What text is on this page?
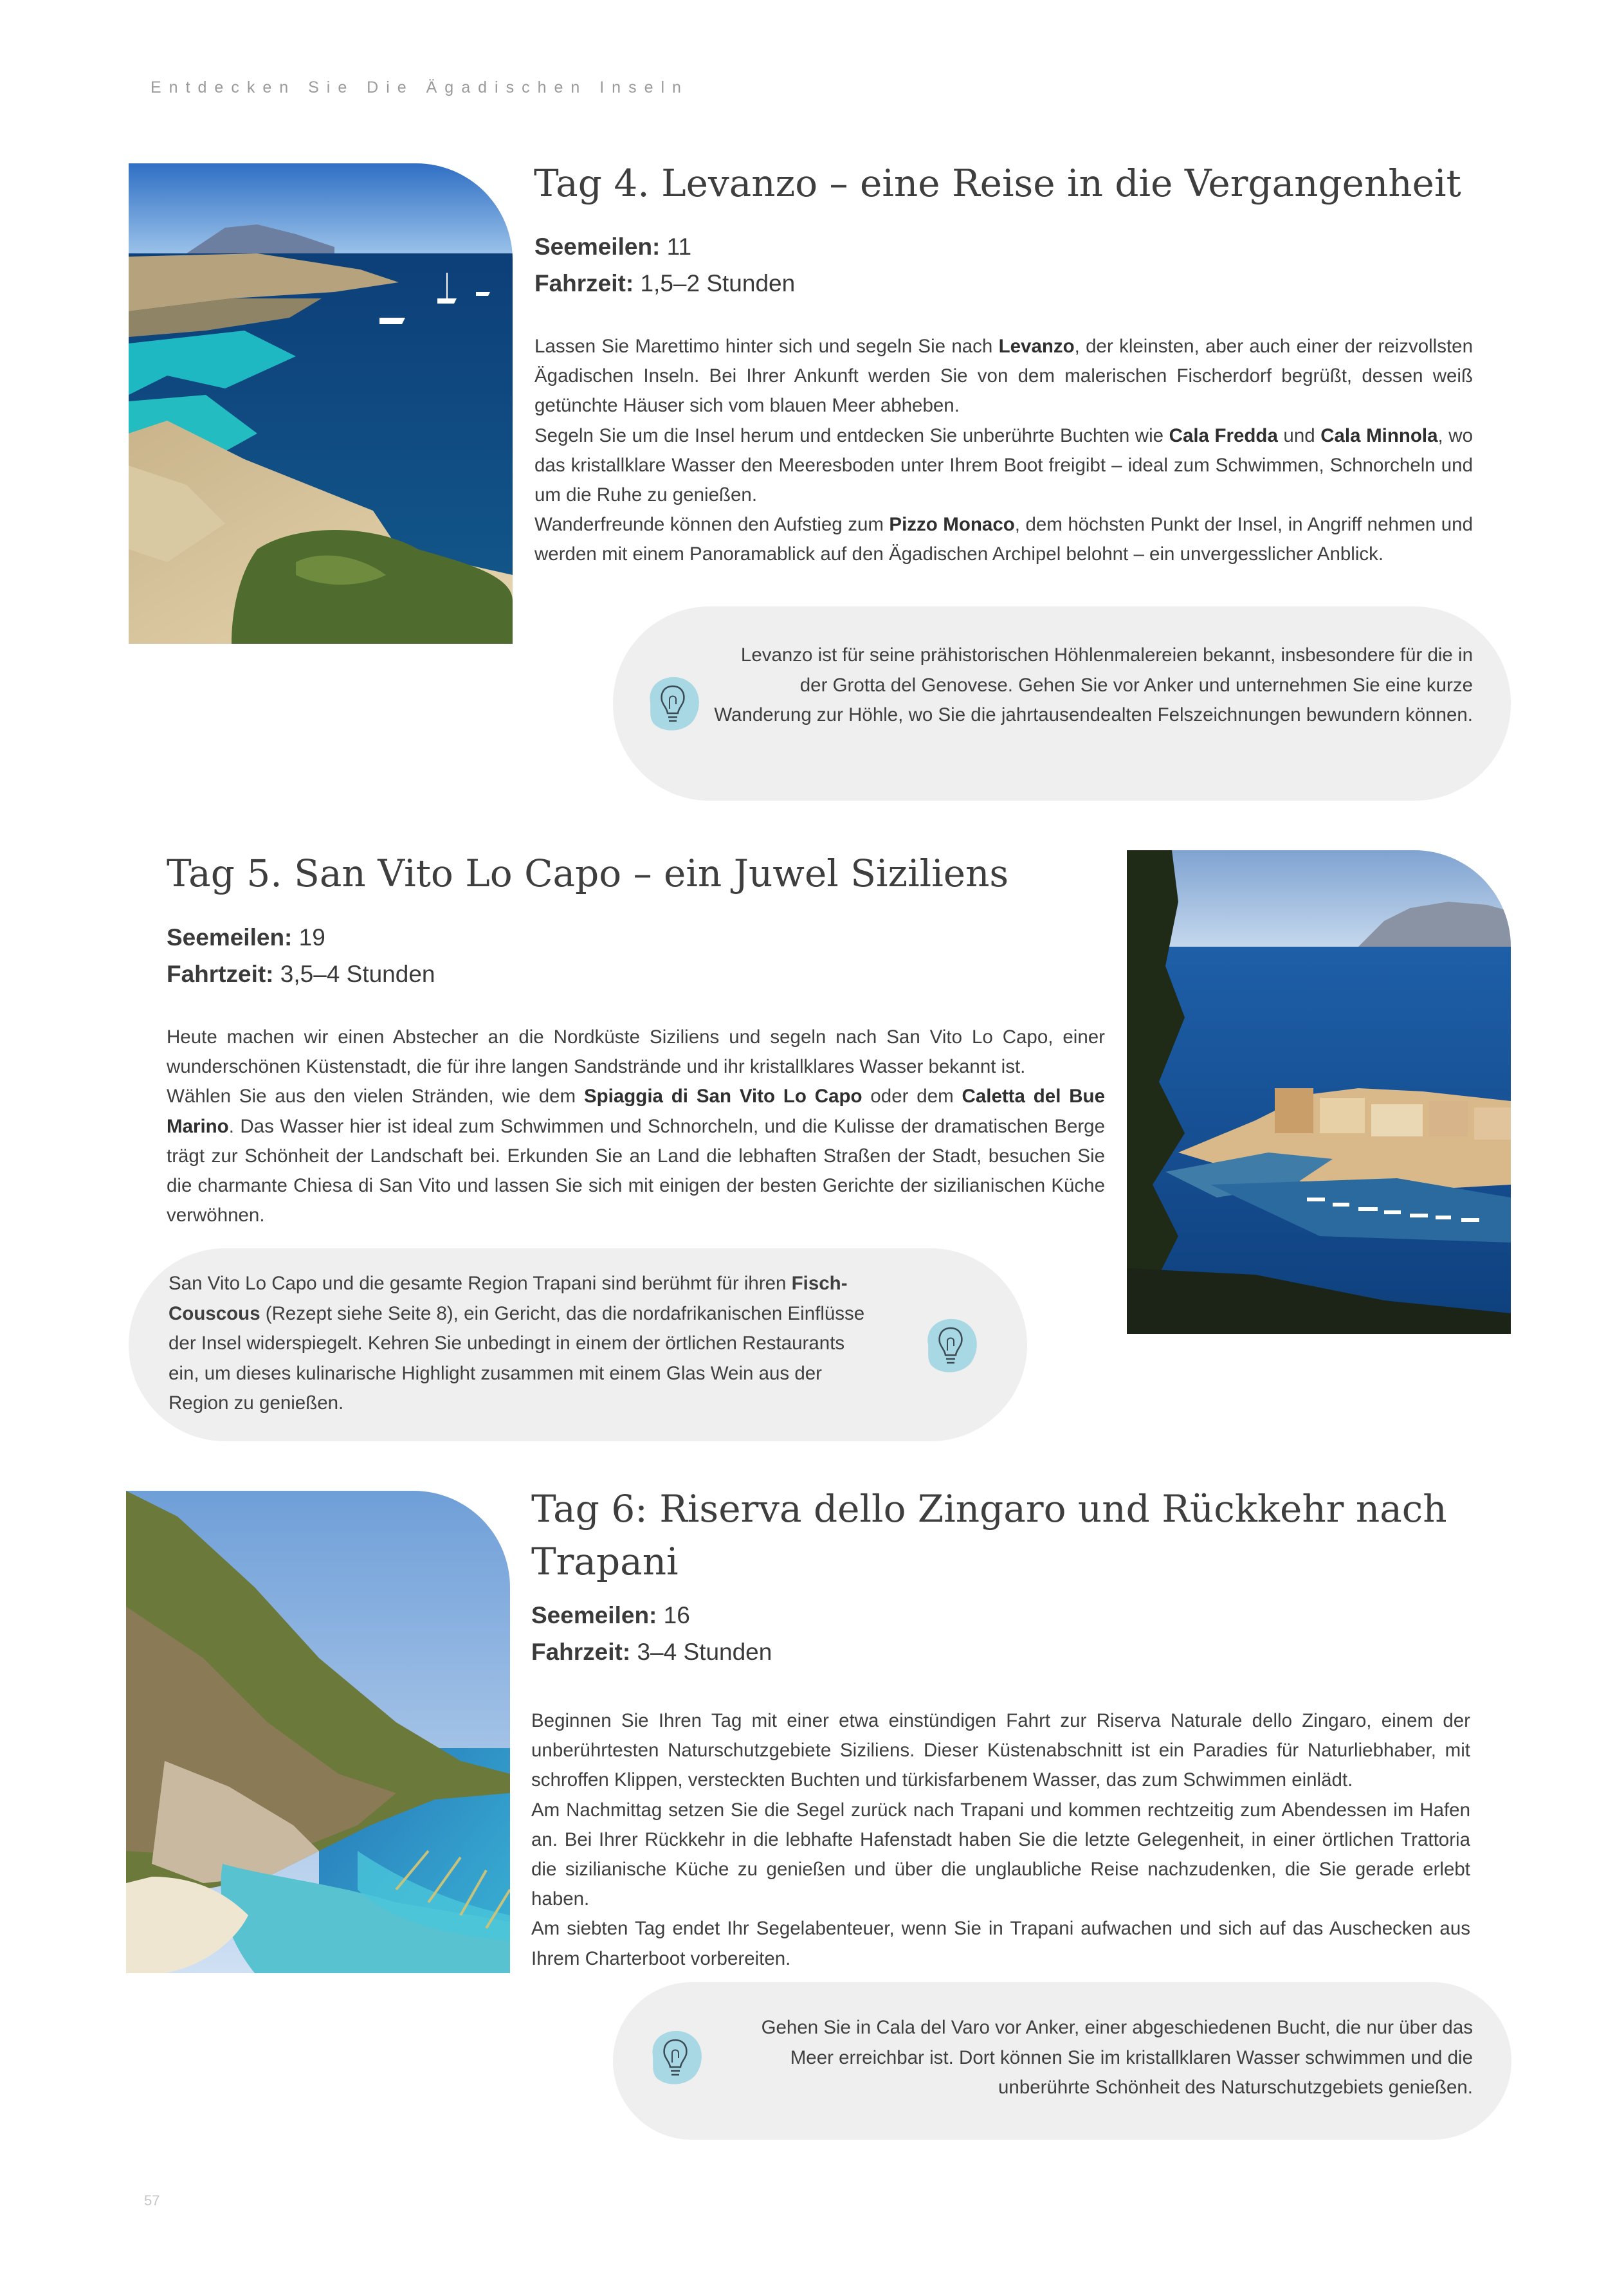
Entdecken Sie Die Ägadischen Inseln
Tag 4. Levanzo – eine Reise in die Vergangenheit
Seemeilen: 11
Fahrzeit: 1,5–2 Stunden

Lassen Sie Marettimo hinter sich und segeln Sie nach Levanzo, der kleinsten, aber auch einer der reizvollsten Ägadischen Inseln. Bei Ihrer Ankunft werden Sie von dem malerischen Fischerdorf begrüßt, dessen weiß getünchte Häuser sich vom blauen Meer abheben.

Segeln Sie um die Insel herum und entdecken Sie unberührte Buchten wie Cala Fredda und Cala Minnola, wo das kristallklare Wasser den Meeresboden unter Ihrem Boot freigibt – ideal zum Schwimmen, Schnorcheln und um die Ruhe zu genießen.

Wanderfreunde können den Aufstieg zum Pizzo Monaco, dem höchsten Punkt der Insel, in Angriff nehmen und werden mit einem Panoramablick auf den Ägadischen Archipel belohnt – ein unvergesslicher Anblick.

Levanzo ist für seine prähistorischen Höhlenmalereien bekannt, insbesondere für die in der Grotta del Genovese. Gehen Sie vor Anker und unternehmen Sie eine kurze Wanderung zur Höhle, wo Sie die jahrtausendealten Felszeichnungen bewundern können.
Tag 5. San Vito Lo Capo – ein Juwel Siziliens
Seemeilen: 19
Fahrtzeit: 3,5–4 Stunden

Heute machen wir einen Abstecher an die Nordküste Siziliens und segeln nach San Vito Lo Capo, einer wunderschönen Küstenstadt, die für ihre langen Sandstrände und ihr kristallklares Wasser bekannt ist.

Wählen Sie aus den vielen Stränden, wie dem Spiaggia di San Vito Lo Capo oder dem Caletta del Bue Marino. Das Wasser hier ist ideal zum Schwimmen und Schnorcheln, und die Kulisse der dramatischen Berge trägt zur Schönheit der Landschaft bei. Erkunden Sie an Land die lebhaften Straßen der Stadt, besuchen Sie die charmante Chiesa di San Vito und lassen Sie sich mit einigen der besten Gerichte der sizilianischen Küche verwöhnen.

San Vito Lo Capo und die gesamte Region Trapani sind berühmt für ihren Fisch-Couscous (Rezept siehe Seite 8), ein Gericht, das die nordafrikanischen Einflüsse der Insel widerspiegelt. Kehren Sie unbedingt in einem der örtlichen Restaurants ein, um dieses kulinarische Highlight zusammen mit einem Glas Wein aus der Region zu genießen.
Tag 6: Riserva dello Zingaro und Rückkehr nach Trapani
Seemeilen: 16
Fahrzeit: 3–4 Stunden

Beginnen Sie Ihren Tag mit einer etwa einstündigen Fahrt zur Riserva Naturale dello Zingaro, einem der unberührtesten Naturschutzgebiete Siziliens. Dieser Küstenabschnitt ist ein Paradies für Naturliebhaber, mit schroffen Klippen, versteckten Buchten und türkisfarbenem Wasser, das zum Schwimmen einlädt.

Am Nachmittag setzen Sie die Segel zurück nach Trapani und kommen rechtzeitig zum Abendessen im Hafen an. Bei Ihrer Rückkehr in die lebhafte Hafenstadt haben Sie die letzte Gelegenheit, in einer örtlichen Trattoria die sizilianische Küche zu genießen und über die unglaubliche Reise nachzudenken, die Sie gerade erlebt haben.

Am siebten Tag endet Ihr Segelabenteuer, wenn Sie in Trapani aufwachen und sich auf das Auschecken aus Ihrem Charterboot vorbereiten.

Gehen Sie in Cala del Varo vor Anker, einer abgeschiedenen Bucht, die nur über das Meer erreichbar ist. Dort können Sie im kristallklaren Wasser schwimmen und die unberührte Schönheit des Naturschutzgebiets genießen.
57
